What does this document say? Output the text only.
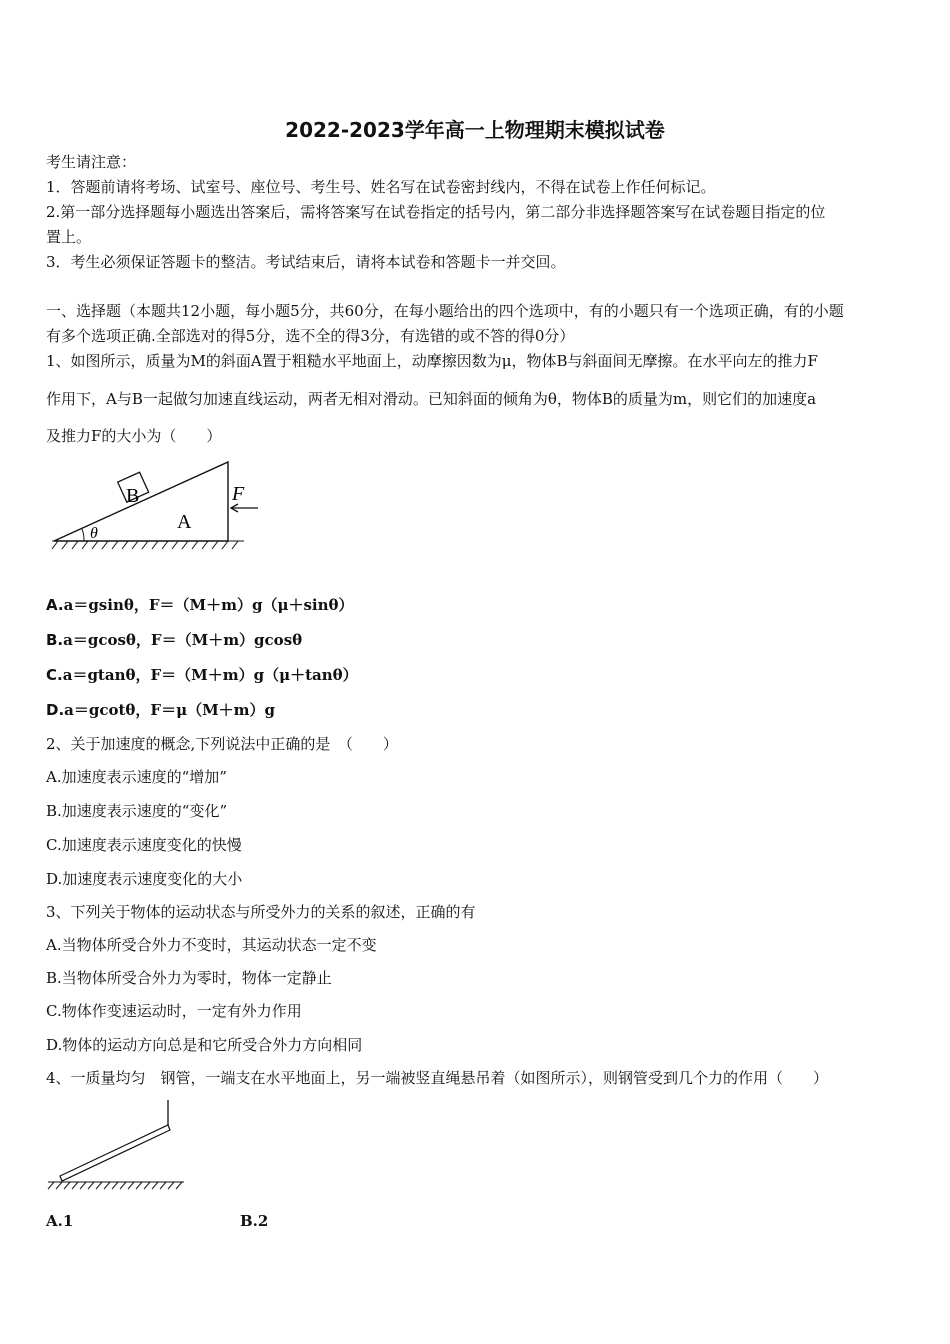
2022-2023学年高一上物理期末模拟试卷
考生请注意：
1．答题前请将考场、试室号、座位号、考生号、姓名写在试卷密封线内，不得在试卷上作任何标记。
2.第一部分选择题每小题选出答案后，需将答案写在试卷指定的括号内，第二部分非选择题答案写在试卷题目指定的位
置上。
3．考生必须保证答题卡的整洁。考试结束后，请将本试卷和答题卡一并交回。
一、选择题（本题共12小题，每小题5分，共60分，在每小题给出的四个选项中，有的小题只有一个选项正确，有的小题
有多个选项正确.全部选对的得5分，选不全的得3分，有选错的或不答的得0分）
1、如图所示，质量为M的斜面A置于粗糙水平地面上，动摩擦因数为μ，物体B与斜面间无摩擦。在水平向左的推力F
作用下，A与B一起做匀加速直线运动，两者无相对滑动。已知斜面的倾角为θ，物体B的质量为m，则它们的加速度a
及推力F的大小为（　　）
B
A
θ
F
A.a＝gsinθ，F＝（M＋m）g（μ＋sinθ）
B.a＝gcosθ，F＝（M＋m）gcosθ
C.a＝gtanθ，F＝（M＋m）g（μ＋tanθ）
D.a＝gcotθ，F＝μ（M＋m）g
2、关于加速度的概念,下列说法中正确的是　（　　）
A.加速度表示速度的“增加”
B.加速度表示速度的“变化”
C.加速度表示速度变化的快慢
D.加速度表示速度变化的大小
3、下列关于物体的运动状态与所受外力的关系的叙述，正确的有
A.当物体所受合外力不变时，其运动状态一定不变
B.当物体所受合外力为零时，物体一定静止
C.物体作变速运动时，一定有外力作用
D.物体的运动方向总是和它所受合外力方向相同
4、一质量均匀　钢管，一端支在水平地面上，另一端被竖直绳悬吊着（如图所示），则钢管受到几个力的作用（　　）
A.1	B.2
